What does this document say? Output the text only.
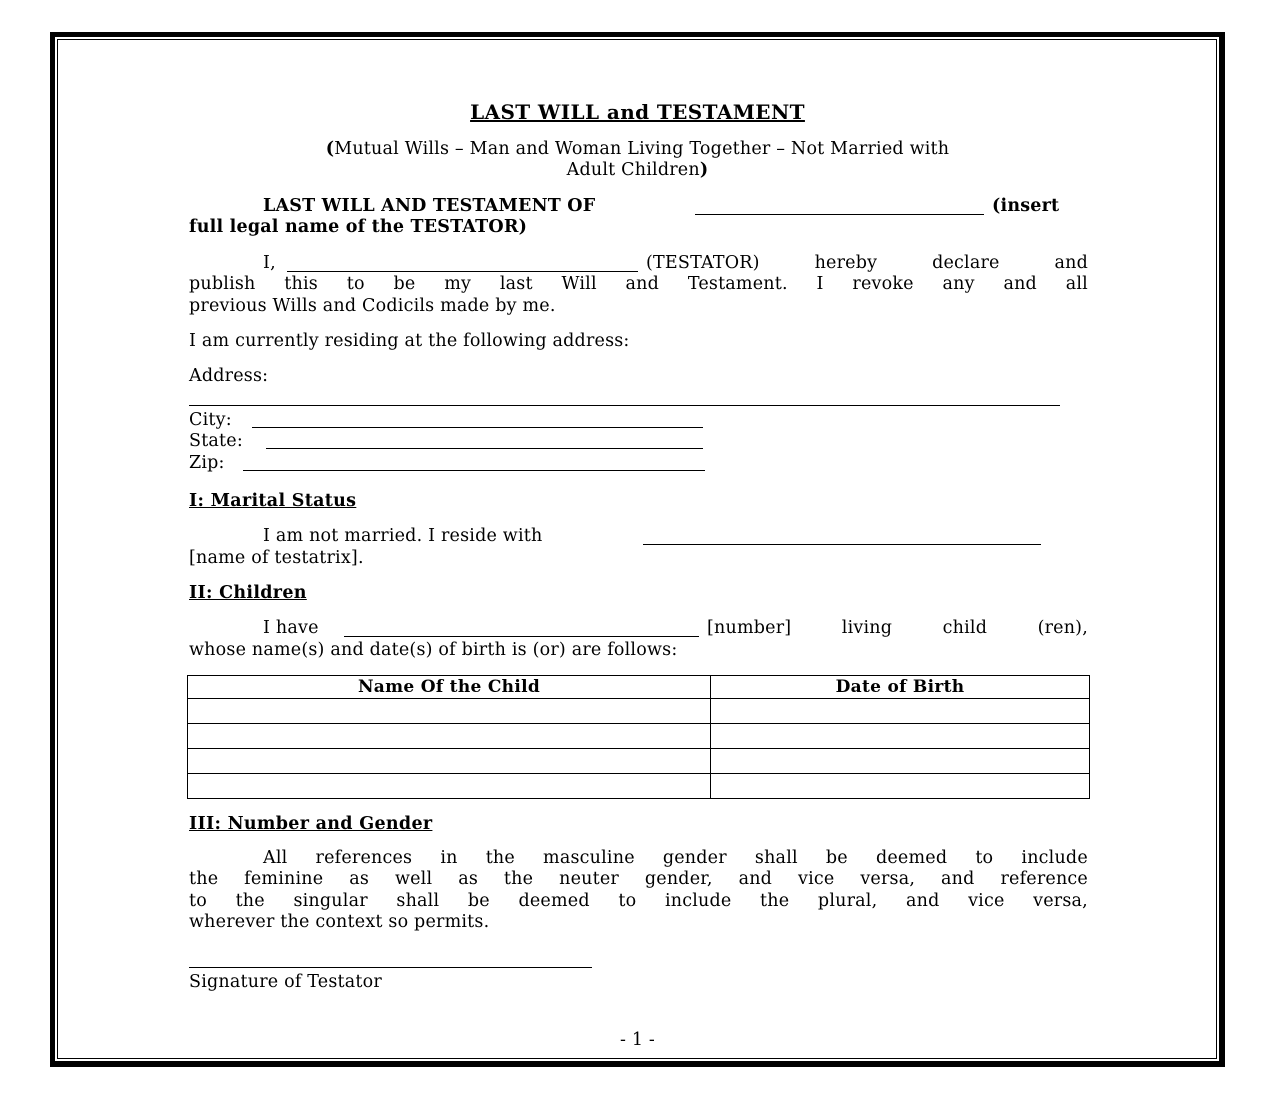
LAST WILL and TESTAMENT
(Mutual Wills – Man and Woman Living Together – Not Married with
Adult Children)
LAST WILL AND TESTAMENT OF	(insert
full legal name of the TESTATOR)
I,	(TESTATOR)	hereby	declare	and
publish this to be my last Will and Testament. I revoke any and all
previous Wills and Codicils made by me.
I am currently residing at the following address:
Address:
City:
State:
Zip:
I: Marital Status
I am not married. I reside with
[name of testatrix].
II: Children
I have	[number]	living	child	(ren),
whose name(s) and date(s) of birth is (or) are follows:
Name Of the Child	Date of Birth

III: Number and Gender
All references in the masculine gender shall be deemed to include
the feminine as well as the neuter gender, and vice versa, and reference
to the singular shall be deemed to include the plural, and vice versa,
wherever the context so permits.
Signature of Testator
- 1 -
